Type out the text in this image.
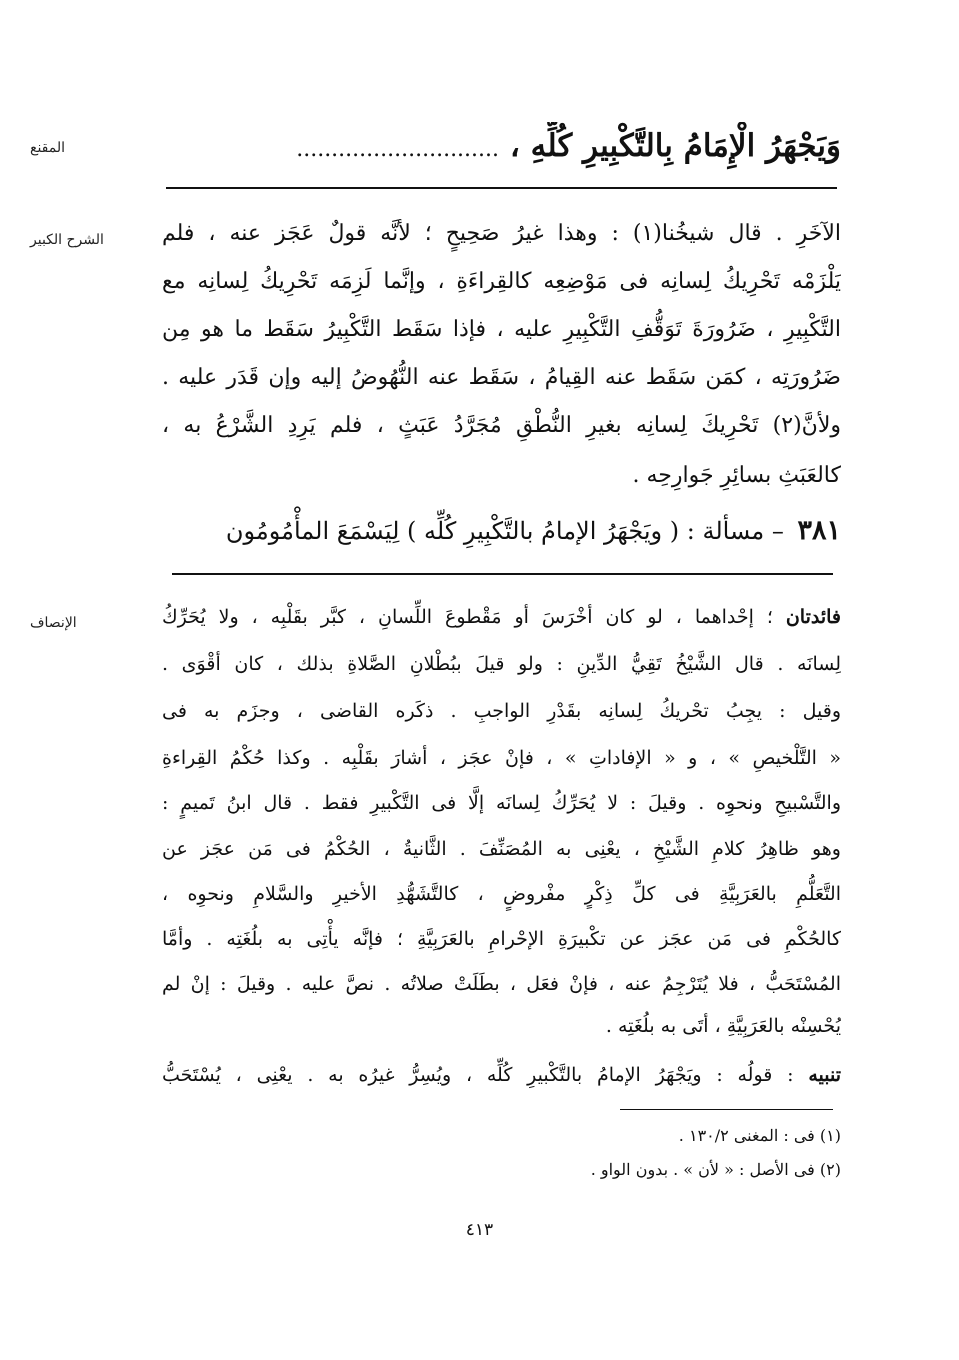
المقنع	وَيَجْهَرُ الْإِمَامُ بِالتَّكْبِيرِ كُلِّهِ ، .............................
الشرح الكبير	الآخَرِ . قال شيخُنا(١) : وهذا غيرُ صَحِيحٍ ؛ لأنَّه قولٌ عَجَز عنه ، فلم
يَلْزَمْه تَحْرِيكُ لِسانِه فى مَوْضِعِه كالقِراءَةِ ، وإنَّما لَزِمَه تَحْرِيكُ لِسانِه مع
التَّكْبِيرِ ، ضَرُورَةَ تَوَقُّفِ التَّكْبِيرِ عليه ، فإذا سَقَط التَّكْبِيرُ سَقَط ما هو مِن
ضَرُورَتِه ، كمَن سَقَط عنه القِيامُ ، سَقَط عنه النُّهُوضُ إليه وإن قَدَر عليه .
ولأنَّ(٢) تَحْرِيكَ لِسانِه بغيرِ النُّطْقِ مُجَرَّدُ عَبَثٍ ، فلم يَرِدِ الشَّرْعُ به ،
كالعَبَثِ بسائِرِ جَوارِحِه .
٣٨١ – مسألة : ( ويَجْهَرُ الإمامُ بالتَّكْبِيرِ كُلِّه ) لِيَسْمَعَ المأْمُومُون
الإنصاف	فائدتان ؛ إحْداهما ، لو كان أخْرَسَ أو مَقْطوعَ اللِّسانِ ، كبَّر بقَلْبِه ، ولا يُحَرِّكُ
لِسانَه . قال الشَّيْخُ تَقِيُّ الدِّينِ : ولو قيلَ ببُطْلانِ الصَّلاةِ بذلك ، كان أقْوَى .
وقيل : يجِبُ تحْريكُ لِسانِه بقَدْرِ الواجبِ . ذكَره القاضى ، وجزَم به فى
« التَّلْخيصِ » ، و « الإفاداتِ » ، فإنْ عجَز ، أشارَ بقَلْبِه . وكذا حُكْمُ القِراءةِ
والتَّسْبيحِ ونحوِه . وقيلَ : لا يُحَرِّكُ لِسانَه إلَّا فى التَّكْبيرِ فقط . قال ابنُ تَميمٍ :
وهو ظاهِرُ كلامِ الشَّيْخِ ، يعْنِى به المُصَنِّفَ . الثَّانيةُ ، الحُكْمُ فى مَن عجَز عن
التَّعَلُّمِ بالعَرَبِيَّةِ فى كلِّ ذِكْرٍ مفْروضٍ ، كالتَّشَهُّدِ الأخيرِ والسَّلامِ ونحوِه ،
كالحُكْمِ فى مَن عجَز عن تكْبيرَةِ الإحْرامِ بالعَرَبِيَّةِ ؛ فإنَّه يأْتِى به بلُغَتِه . وأمَّا
المُسْتَحَبُّ ، فلا يُتَرْجِمُ عنه ، فإنْ فعَل ، بطَلَتْ صلاتُه . نصَّ عليه . وقيلَ : إنْ لم
يُحْسِنْه بالعَرَبِيَّةِ ، أتَى به بلُغَتِه .
تنبيه : قولُه : ويَجْهَرُ الإمامُ بالتَّكْبيرِ كُلِّه ، ويُسِرُّ غيرُه به . يعْنِى ، يُسْتَحَبُّ
(١) فى : المغنى ١٣٠/٢ .
(٢) فى الأصل : « لأن » . بدون الواو .
٤١٣
